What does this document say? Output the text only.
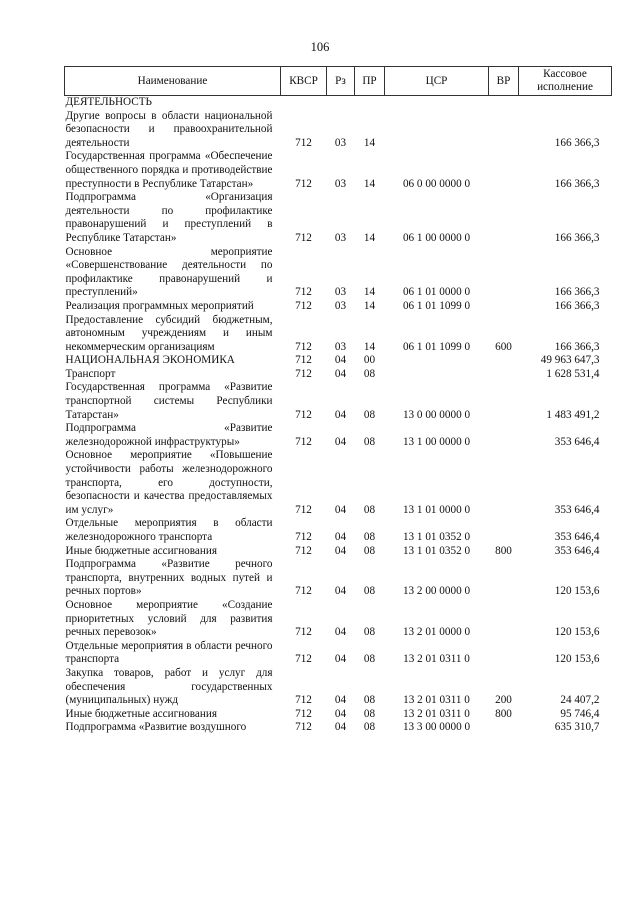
106
Наименование	КВСР	Рз	ПР	ЦСР	ВР	Кассовое исполнение
ДЕЯТЕЛЬНОСТЬ						
Другие вопросы в области национальной безопасности и правоохранительной деятельности	712	03	14			166 366,3
Государственная программа «Обеспечение общественного порядка и противодействие преступности в Республике Татарстан»	712	03	14	06 0 00 0000 0		166 366,3
Подпрограмма «Организация деятельности по профилактике правонарушений и преступлений в Республике Татарстан»	712	03	14	06 1 00 0000 0		166 366,3
Основное мероприятие «Совершенствование деятельности по профилактике правонарушений и преступлений»	712	03	14	06 1 01 0000 0		166 366,3
Реализация программных мероприятий	712	03	14	06 1 01 1099 0		166 366,3
Предоставление субсидий бюджетным, автономным учреждениям и иным некоммерческим организациям	712	03	14	06 1 01 1099 0	600	166 366,3
НАЦИОНАЛЬНАЯ ЭКОНОМИКА	712	04	00			49 963 647,3
Транспорт	712	04	08			1 628 531,4
Государственная программа «Развитие транспортной системы Республики Татарстан»	712	04	08	13 0 00 0000 0		1 483 491,2
Подпрограмма «Развитие железнодорожной инфраструктуры»	712	04	08	13 1 00 0000 0		353 646,4
Основное мероприятие «Повышение устойчивости работы железнодорожного транспорта, его доступности, безопасности и качества предоставляемых им услуг»	712	04	08	13 1 01 0000 0		353 646,4
Отдельные мероприятия в области железнодорожного транспорта	712	04	08	13 1 01 0352 0		353 646,4
Иные бюджетные ассигнования	712	04	08	13 1 01 0352 0	800	353 646,4
Подпрограмма «Развитие речного транспорта, внутренних водных путей и речных портов»	712	04	08	13 2 00 0000 0		120 153,6
Основное мероприятие «Создание приоритетных условий для развития речных перевозок»	712	04	08	13 2 01 0000 0		120 153,6
Отдельные мероприятия в области речного транспорта	712	04	08	13 2 01 0311 0		120 153,6
Закупка товаров, работ и услуг для обеспечения государственных (муниципальных) нужд	712	04	08	13 2 01 0311 0	200	24 407,2
Иные бюджетные ассигнования	712	04	08	13 2 01 0311 0	800	95 746,4
Подпрограмма «Развитие воздушного	712	04	08	13 3 00 0000 0		635 310,7
